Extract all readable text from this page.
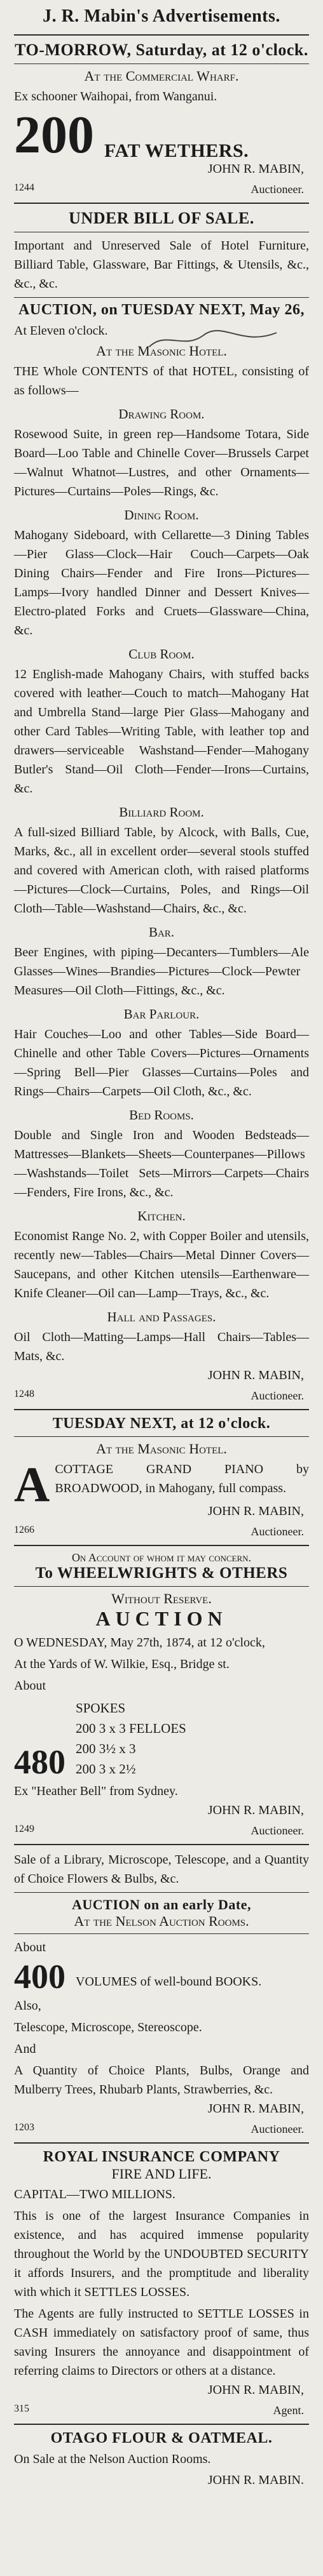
J. R. Mabin's Advertisements.
TO-MORROW, Saturday, at 12 o'clock.
At the Commercial Wharf.
Ex schooner Waihopai, from Wanganui.
200 FAT WETHERS.
1244
JOHN R. MABIN,
Auctioneer.
UNDER BILL OF SALE.
Important and Unreserved Sale of Hotel Furniture, Billiard Table, Glassware, Bar Fittings, & Utensils, &c., &c., &c.
AUCTION, on TUESDAY NEXT, May 26,
At Eleven o'clock.
At the Masonic Hotel.
THE Whole CONTENTS of that HOTEL, consisting of as follows—
Drawing Room.
Rosewood Suite, in green rep—Handsome Totara, Side Board—Loo Table and Chinelle Cover—Brussels Carpet—Walnut Whatnot—Lustres, and other Ornaments—Pictures—Curtains—Poles—Rings, &c.
Dining Room.
Mahogany Sideboard, with Cellarette—3 Dining Tables—Pier Glass—Clock—Hair Couch—Carpets—Oak Dining Chairs—Fender and Fire Irons—Pictures—Lamps—Ivory handled Dinner and Dessert Knives—Electro-plated Forks and Cruets—Glassware—China, &c.
Club Room.
12 English-made Mahogany Chairs, with stuffed backs covered with leather—Couch to match—Mahogany Hat and Umbrella Stand—large Pier Glass—Mahogany and other Card Tables—Writing Table, with leather top and drawers—serviceable Washstand—Fender—Mahogany Butler's Stand—Oil Cloth—Fender—Irons—Curtains, &c.
Billiard Room.
A full-sized Billiard Table, by Alcock, with Balls, Cue, Marks, &c., all in excellent order—several stools stuffed and covered with American cloth, with raised platforms—Pictures—Clock—Curtains, Poles, and Rings—Oil Cloth—Table—Washstand—Chairs, &c., &c.
Bar.
Beer Engines, with piping—Decanters—Tumblers—Ale Glasses—Wines—Brandies—Pictures—Clock—Pewter Measures—Oil Cloth—Fittings, &c., &c.
Bar Parlour.
Hair Couches—Loo and other Tables—Side Board—Chinelle and other Table Covers—Pictures—Ornaments—Spring Bell—Pier Glasses—Curtains—Poles and Rings—Chairs—Carpets—Oil Cloth, &c., &c.
Bed Rooms.
Double and Single Iron and Wooden Bedsteads—Mattresses—Blankets—Sheets—Counterpanes—Pillows—Washstands—Toilet Sets—Mirrors—Carpets—Chairs—Fenders, Fire Irons, &c., &c.
Kitchen.
Economist Range No. 2, with Copper Boiler and utensils, recently new—Tables—Chairs—Metal Dinner Covers—Saucepans, and other Kitchen utensils—Earthenware—Knife Cleaner—Oil can—Lamp—Trays, &c., &c.
Hall and Passages.
Oil Cloth—Matting—Lamps—Hall Chairs—Tables—Mats, &c.
1248
JOHN R. MABIN,
Auctioneer.
TUESDAY NEXT, at 12 o'clock.
At the Masonic Hotel.
A COTTAGE GRAND PIANO by BROADWOOD, in Mahogany, full compass.
1266
JOHN R. MABIN,
Auctioneer.
On Account of whom it may concern.
To WHEELWRIGHTS & OTHERS
Without Reserve.
AUCTION
O WEDNESDAY, May 27th, 1874, at 12 o'clock,
At the Yards of W. Wilkie, Esq., Bridge st.
About
480
SPOKES
200 3 x 3 FELLOES
200 3½ x 3
200 3 x 2½
Ex "Heather Bell" from Sydney.
1249
JOHN R. MABIN,
Auctioneer.
Sale of a Library, Microscope, Telescope, and a Quantity of Choice Flowers & Bulbs, &c.
AUCTION on an early Date,
At the Nelson Auction Rooms.
About
400 VOLUMES of well-bound BOOKS.
Also,
Telescope, Microscope, Stereoscope.
And
A Quantity of Choice Plants, Bulbs, Orange and Mulberry Trees, Rhubarb Plants, Strawberries, &c.
1203
JOHN R. MABIN,
Auctioneer.
ROYAL INSURANCE COMPANY
FIRE AND LIFE.
CAPITAL—TWO MILLIONS.
This is one of the largest Insurance Companies in existence, and has acquired immense popularity throughout the World by the UNDOUBTED SECURITY it affords Insurers, and the promptitude and liberality with which it SETTLES LOSSES.
The Agents are fully instructed to SETTLE LOSSES in CASH immediately on satisfactory proof of same, thus saving Insurers the annoyance and disappointment of referring claims to Directors or others at a distance.
315
JOHN R. MABIN,
Agent.
OTAGO FLOUR & OATMEAL.
On Sale at the Nelson Auction Rooms.
JOHN R. MABIN.
